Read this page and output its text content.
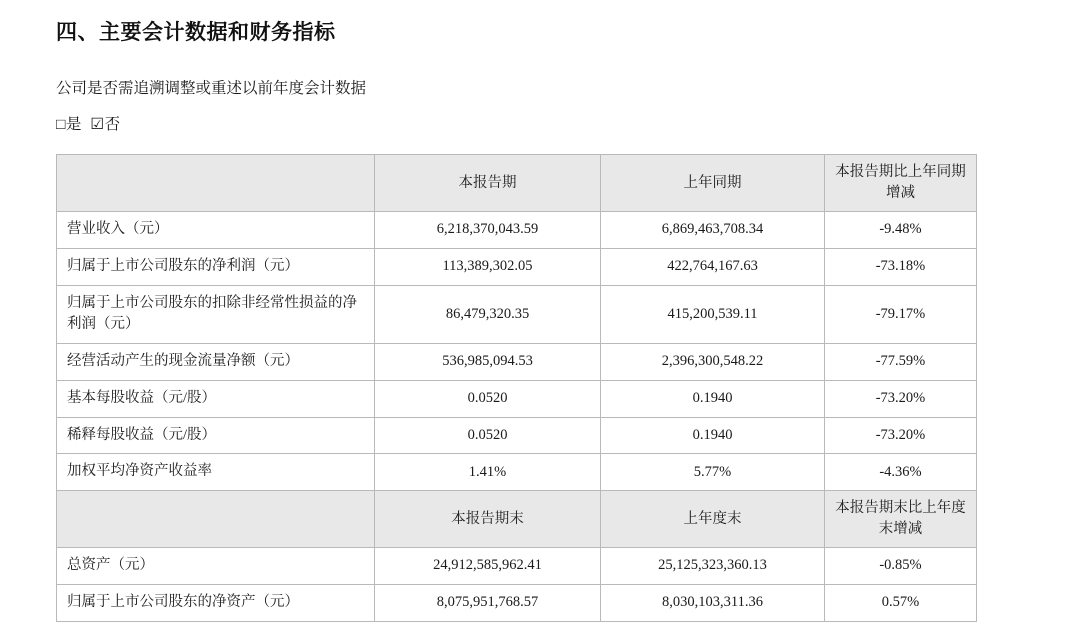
四、主要会计数据和财务指标
公司是否需追溯调整或重述以前年度会计数据
□是 ☑否
	本报告期	上年同期	本报告期比上年同期增减
营业收入（元）	6,218,370,043.59	6,869,463,708.34	-9.48%
归属于上市公司股东的净利润（元）	113,389,302.05	422,764,167.63	-73.18%
归属于上市公司股东的扣除非经常性损益的净利润（元）	86,479,320.35	415,200,539.11	-79.17%
经营活动产生的现金流量净额（元）	536,985,094.53	2,396,300,548.22	-77.59%
基本每股收益（元/股）	0.0520	0.1940	-73.20%
稀释每股收益（元/股）	0.0520	0.1940	-73.20%
加权平均净资产收益率	1.41%	5.77%	-4.36%
	本报告期末	上年度末	本报告期末比上年度末增减
总资产（元）	24,912,585,962.41	25,125,323,360.13	-0.85%
归属于上市公司股东的净资产（元）	8,075,951,768.57	8,030,103,311.36	0.57%
